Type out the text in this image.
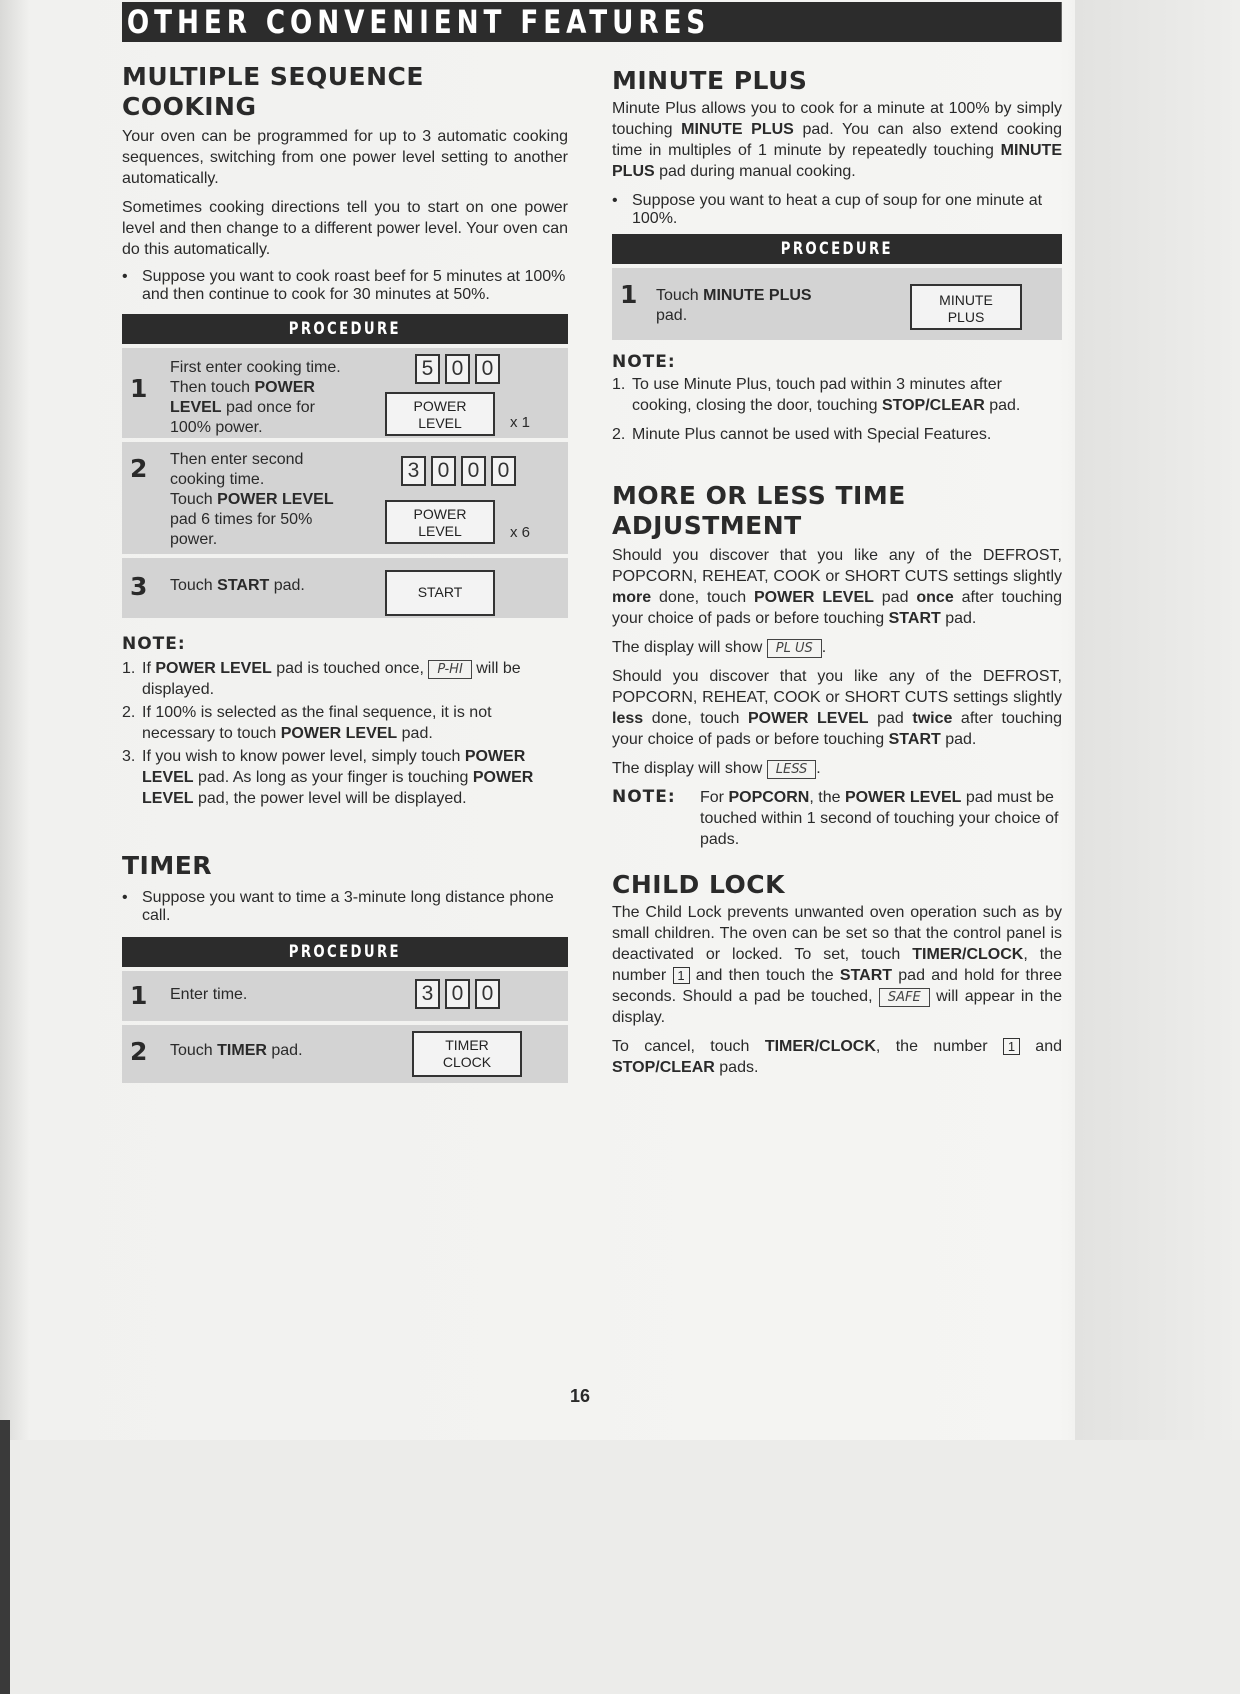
OTHER CONVENIENT FEATURES
MULTIPLE SEQUENCE
COOKING

Your oven can be programmed for up to 3 automatic cooking sequences, switching from one power level setting to another automatically.

Sometimes cooking directions tell you to start on one power level and then change to a different power level. Your oven can do this automatically.

• Suppose you want to cook roast beef for 5 minutes at 100% and then continue to cook for 30 minutes at 50%.
PROCEDURE
1
First enter cooking time.
Then touch POWER
LEVEL pad once for
100% power.
5 0 0
POWER
LEVEL	x 1
2 Then enter second
cooking time.
Touch POWER LEVEL
pad 6 times for 50%
power.
3 0 0 0
POWER
LEVEL	x 6
3 Touch START pad.	START
NOTE:
1. If POWER LEVEL pad is touched once, P-HI will be displayed.
2. If 100% is selected as the final sequence, it is not necessary to touch POWER LEVEL pad.
3. If you wish to know power level, simply touch POWER LEVEL pad. As long as your finger is touching POWER LEVEL pad, the power level will be displayed.
TIMER
• Suppose you want to time a 3-minute long distance phone call.
PROCEDURE
1 Enter time.	3 0 0
2 Touch TIMER pad.	TIMER
CLOCK
MINUTE PLUS

Minute Plus allows you to cook for a minute at 100% by simply touching MINUTE PLUS pad. You can also extend cooking time in multiples of 1 minute by repeatedly touching MINUTE PLUS pad during manual cooking.

• Suppose you want to heat a cup of soup for one minute at 100%.
PROCEDURE
1 Touch MINUTE PLUS
pad.
MINUTE
PLUS
NOTE:
1. To use Minute Plus, touch pad within 3 minutes after cooking, closing the door, touching STOP/CLEAR pad.
2. Minute Plus cannot be used with Special Features.
MORE OR LESS TIME
ADJUSTMENT

Should you discover that you like any of the DEFROST, POPCORN, REHEAT, COOK or SHORT CUTS settings slightly more done, touch POWER LEVEL pad once after touching your choice of pads or before touching START pad.

The display will show PL US .

Should you discover that you like any of the DEFROST, POPCORN, REHEAT, COOK or SHORT CUTS settings slightly less done, touch POWER LEVEL pad twice after touching your choice of pads or before touching START pad.

The display will show LESS .

NOTE:	For POPCORN, the POWER LEVEL pad must be touched within 1 second of touching your choice of pads.
CHILD LOCK

The Child Lock prevents unwanted oven operation such as by small children. The oven can be set so that the control panel is deactivated or locked. To set, touch TIMER/CLOCK, the number 1 and then touch the START pad and hold for three seconds. Should a pad be touched, SAFE will appear in the display.

To cancel, touch TIMER/CLOCK, the number 1 and STOP/CLEAR pads.

16
